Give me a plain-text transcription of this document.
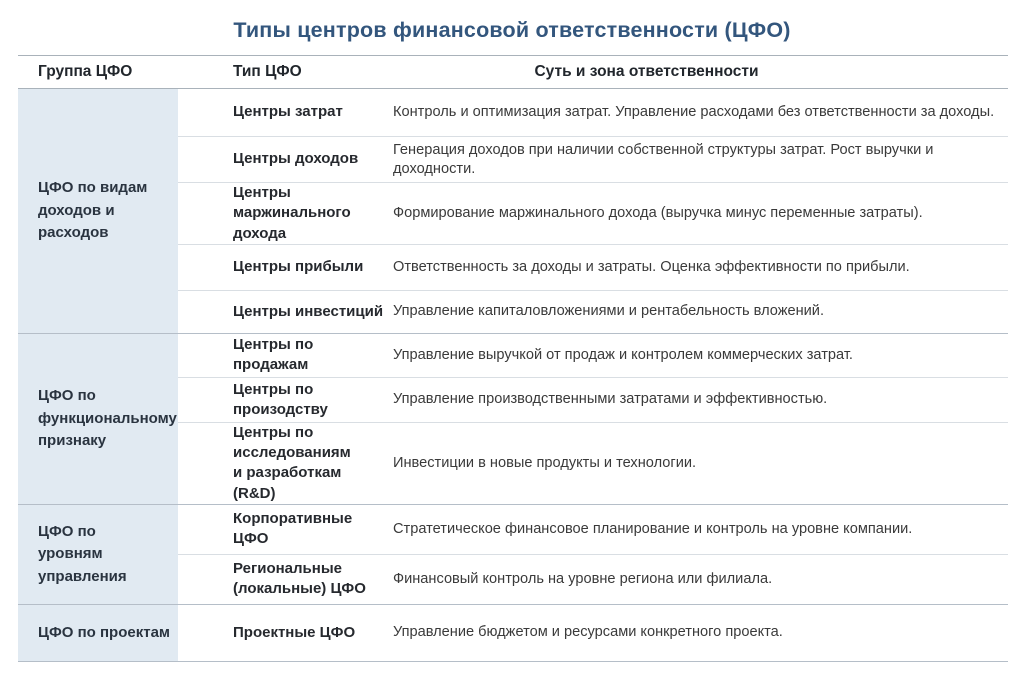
Типы центров финансовой ответственности (ЦФО)
Группа ЦФО	Тип ЦФО	Суть и зона ответственности
ЦФО по видам
доходов и расходов	Центры затрат	Контроль и оптимизация затрат. Управление расходами без ответственности за доходы.
	Центры доходов	Генерация доходов при наличии собственной структуры затрат. Рост выручки и доходности.
	Центры
маржинального дохода	Формирование маржинального дохода (выручка минус переменные затраты).
	Центры прибыли	Ответственность за доходы и затраты. Оценка эффективности по прибыли.
	Центры инвестиций	Управление капиталовложениями и рентабельность вложений.
ЦФО по
функциональному
признаку	Центры по продажам	Управление выручкой от продаж и контролем коммерческих затрат.
	Центры по произодству	Управление производственными затратами и эффективностью.
	Центры по исследованиям
и разработкам (R&D)	Инвестиции в новые продукты и технологии.
ЦФО по
уровням управления	Корпоративные ЦФО	Стратетическое финансовое планирование и контроль на уровне компании.
	Региональные
(локальные) ЦФО	Финансовый контроль на уровне региона или филиала.
ЦФО по проектам	Проектные ЦФО	Управление бюджетом и ресурсами конкретного проекта.
